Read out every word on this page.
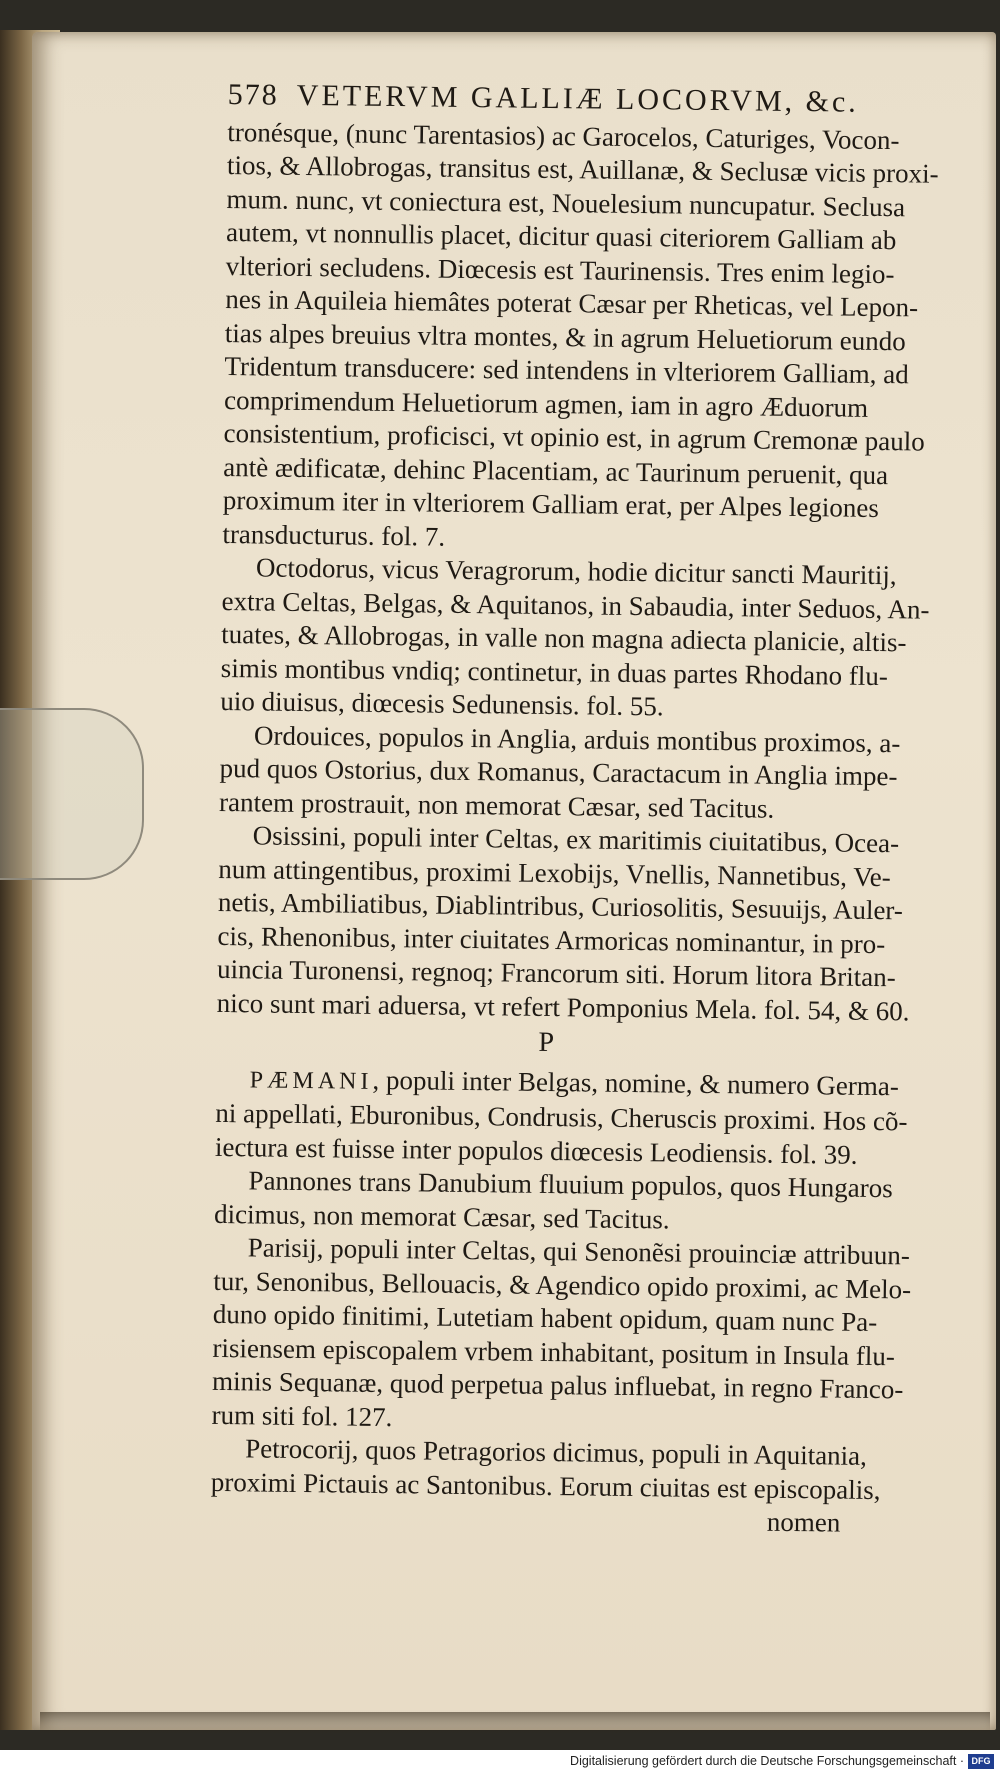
578 VETERVM GALLIÆ LOCORVM, &c.
tronésque, (nunc Tarentasios) ac Garocelos, Caturiges, Vocon-
tios, & Allobrogas, transitus est, Auillanæ, & Seclusæ vicis proxi-
mum. nunc, vt coniectura est, Nouelesium nuncupatur. Seclusa
autem, vt nonnullis placet, dicitur quasi citeriorem Galliam ab
vlteriori secludens. Diœcesis est Taurinensis. Tres enim legio-
nes in Aquileia hiemâtes poterat Cæsar per Rheticas, vel Lepon-
tias alpes breuius vltra montes, & in agrum Heluetiorum eundo
Tridentum transducere: sed intendens in vlteriorem Galliam, ad
comprimendum Heluetiorum agmen, iam in agro Æduorum
consistentium, proficisci, vt opinio est, in agrum Cremonæ paulo
antè ædificatæ, dehinc Placentiam, ac Taurinum peruenit, qua
proximum iter in vlteriorem Galliam erat, per Alpes legiones
transducturus. fol. 7.
Octodorus, vicus Veragrorum, hodie dicitur sancti Mauritij,
extra Celtas, Belgas, & Aquitanos, in Sabaudia, inter Seduos, An-
tuates, & Allobrogas, in valle non magna adiecta planicie, altis-
simis montibus vndiq; continetur, in duas partes Rhodano flu-
uio diuisus, diœcesis Sedunensis. fol. 55.
Ordouices, populos in Anglia, arduis montibus proximos, a-
pud quos Ostorius, dux Romanus, Caractacum in Anglia impe-
rantem prostrauit, non memorat Cæsar, sed Tacitus.
Osissini, populi inter Celtas, ex maritimis ciuitatibus, Ocea-
num attingentibus, proximi Lexobijs, Vnellis, Nannetibus, Ve-
netis, Ambiliatibus, Diablintribus, Curiosolitis, Sesuuijs, Auler-
cis, Rhenonibus, inter ciuitates Armoricas nominantur, in pro-
uincia Turonensi, regnoq; Francorum siti. Horum litora Britan-
nico sunt mari aduersa, vt refert Pomponius Mela. fol. 54, & 60.
P
PÆMANI, populi inter Belgas, nomine, & numero Germa-
ni appellati, Eburonibus, Condrusis, Cheruscis proximi. Hos cõ-
iectura est fuisse inter populos diœcesis Leodiensis. fol. 39.
Pannones trans Danubium fluuium populos, quos Hungaros
dicimus, non memorat Cæsar, sed Tacitus.
Parisij, populi inter Celtas, qui Senonẽsi prouinciæ attribuun-
tur, Senonibus, Bellouacis, & Agendico opido proximi, ac Melo-
duno opido finitimi, Lutetiam habent opidum, quam nunc Pa-
risiensem episcopalem vrbem inhabitant, positum in Insula flu-
minis Sequanæ, quod perpetua palus influebat, in regno Franco-
rum siti fol. 127.
Petrocorij, quos Petragorios dicimus, populi in Aquitania,
proximi Pictauis ac Santonibus. Eorum ciuitas est episcopalis,
nomen
Digitalisierung gefördert durch die Deutsche Forschungsgemeinschaft · DFG
